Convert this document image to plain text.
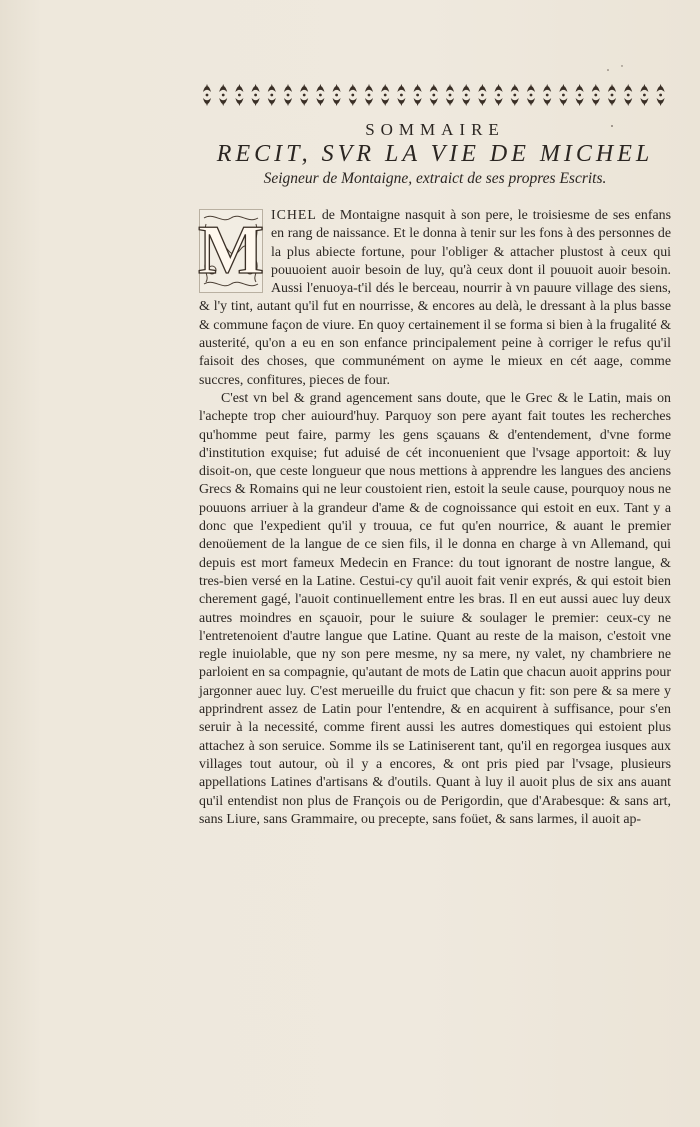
SOMMAIRE
RECIT, SVR LA VIE DE MICHEL
Seigneur de Montaigne, extraict de ses propres Escrits.
M ICHEL de Montaigne nasquit à son pere, le troisiesme de ses enfans en rang de naissance. Et le donna à tenir sur les fons à des personnes de la plus abiecte fortune, pour l'obliger & attacher plustost à ceux qui pouuoient auoir besoin de luy, qu'à ceux dont il pouuoit auoir besoin. Aussi l'enuoya-t'il dés le berceau, nourrir à vn pauure village des siens, & l'y tint, autant qu'il fut en nourrisse, & encores au delà, le dressant à la plus basse & commune façon de viure. En quoy certainement il se forma si bien à la frugalité & austerité, qu'on a eu en son enfance principalement peine à corriger le refus qu'il faisoit des choses, que communément on ayme le mieux en cét aage, comme succres, confitures, pieces de four.

C'est vn bel & grand agencement sans doute, que le Grec & le Latin, mais on l'achepte trop cher auiourd'huy. Parquoy son pere ayant fait toutes les recherches qu'homme peut faire, parmy les gens sçauans & d'entendement, d'vne forme d'institution exquise; fut aduisé de cét inconuenient que l'vsage apportoit: & luy disoit-on, que ceste longueur que nous mettions à apprendre les langues des anciens Grecs & Romains qui ne leur coustoient rien, estoit la seule cause, pourquoy nous ne pouuons arriuer à la grandeur d'ame & de cognoissance qui estoit en eux. Tant y a donc que l'expedient qu'il y trouua, ce fut qu'en nourrice, & auant le premier denoüement de la langue de ce sien fils, il le donna en charge à vn Allemand, qui depuis est mort fameux Medecin en France: du tout ignorant de nostre langue, & tres-bien versé en la Latine. Cestui-cy qu'il auoit fait venir exprés, & qui estoit bien cherement gagé, l'auoit continuellement entre les bras. Il en eut aussi auec luy deux autres moindres en sçauoir, pour le suiure & soulager le premier: ceux-cy ne l'entretenoient d'autre langue que Latine. Quant au reste de la maison, c'estoit vne regle inuiolable, que ny son pere mesme, ny sa mere, ny valet, ny chambriere ne parloient en sa compagnie, qu'autant de mots de Latin que chacun auoit apprins pour jargonner auec luy. C'est merueille du fruict que chacun y fit: son pere & sa mere y apprindrent assez de Latin pour l'entendre, & en acquirent à suffisance, pour s'en seruir à la necessité, comme firent aussi les autres domestiques qui estoient plus attachez à son seruice. Somme ils se Latiniserent tant, qu'il en regorgea iusques aux villages tout autour, où il y a encores, & ont pris pied par l'vsage, plusieurs appellations Latines d'artisans & d'outils. Quant à luy il auoit plus de six ans auant qu'il entendist non plus de François ou de Perigordin, que d'Arabesque: & sans art, sans Liure, sans Grammaire, ou precepte, sans foüet, & sans larmes, il auoit ap-
